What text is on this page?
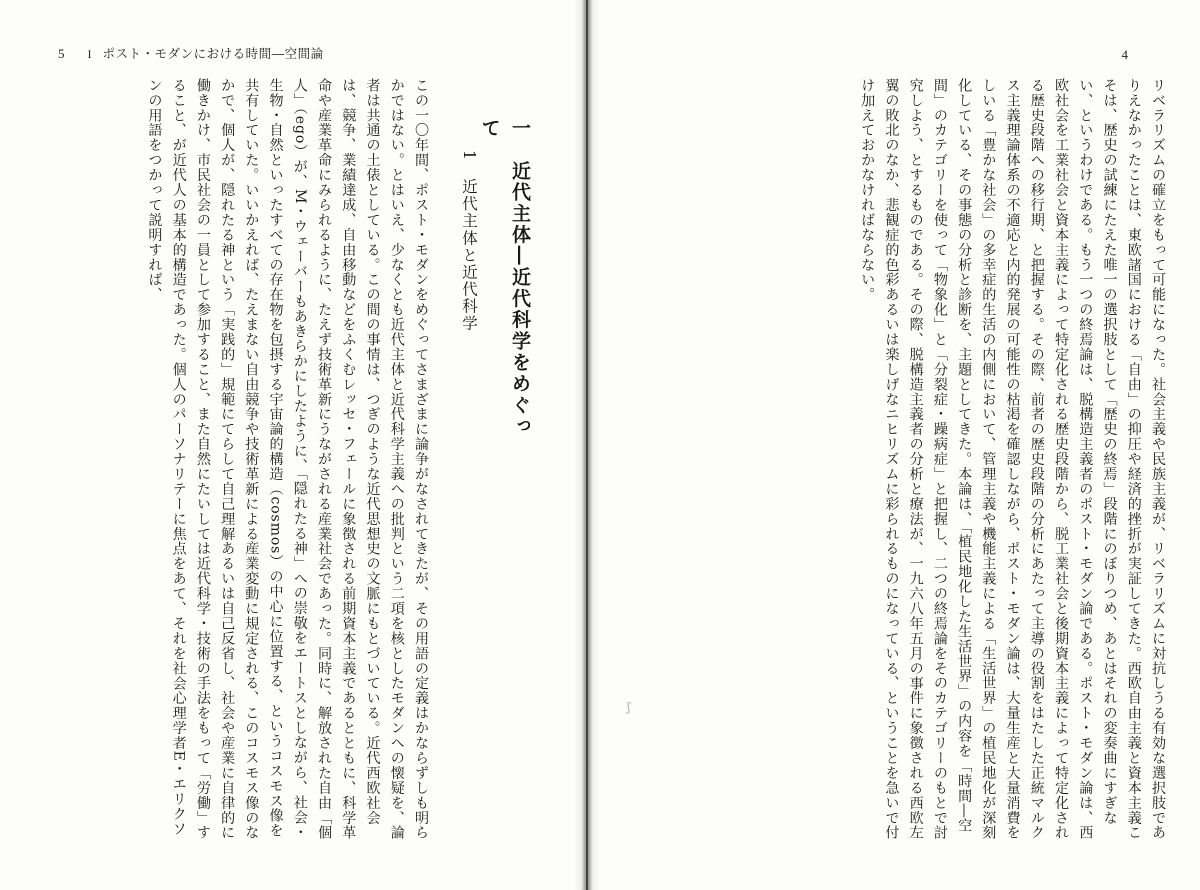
4
リベラリズムの確立をもって可能になった。社会主義や民族主義が、リベラリズムに対抗しうる有効な選択肢でありえなかったことは、東欧諸国における「自由」の抑圧や経済的挫折が実証してきた。西欧自由主義と資本主義こそは、歴史の試練にたえた唯一の選択肢として「歴史の終焉」段階にのぼりつめ、あとはそれの変奏曲にすぎない、というわけである。もう一つの終焉論は、脱構造主義者のポスト・モダン論である。ポスト・モダン論は、西欧社会を工業社会と資本主義によって特定化される歴史段階から、脱工業社会と後期資本主義によって特定化される歴史段階への移行期、と把握する。その際、前者の歴史段階の分析にあたって主導の役割をはたした正統マルクス主義理論体系の不適応と内的発展の可能性の枯渇を確認しながら、ポスト・モダン論は、大量生産と大量消費をしいる「豊かな社会」の多幸症的生活の内側において、管理主義や機能主義による「生活世界」の植民地化が深刻化している、その事態の分析と診断を、主題としてきた。本論は、「植民地化した生活世界」の内容を「時間―空間」のカテゴリーを使って「物象化」と「分裂症・躁病症」と把握し、二つの終焉論をそのカテゴリーのもとで討究しよう、とするものである。その際、脱構造主義者の分析と療法が、一九六八年五月の事件に象徴される西欧左翼の敗北のなか、悲観症的色彩あるいは楽しげなニヒリズムに彩られるものになっている、ということを急いで付け加えておかなければならない。
ʃ
5 I ポスト・モダンにおける時間―空間論
一　近代主体―近代科学をめぐって
1　近代主体と近代科学
この一〇年間、ポスト・モダンをめぐってさまざまに論争がなされてきたが、その用語の定義はかならずしも明らかではない。とはいえ、少なくとも近代主体と近代科学主義への批判という二項を核としたモダンへの懐疑を、論者は共通の土俵としている。この間の事情は、つぎのような近代思想史の文脈にもとづいている。近代西欧社会は、競争、業績達成、自由移動などをふくむレッセ・フェールに象徴される前期資本主義であるとともに、科学革命や産業革命にみられるように、たえず技術革新にうながされる産業社会であった。同時に、解放された自由「個人」（ego）が、M・ウェーバーもあきらかにしたように、「隠れたる神」への崇敬をエートスとしながら、社会・生物・自然といったすべての存在物を包摂する宇宙論的構造（cosmos）の中心に位置する、というコスモス像を共有していた。いいかえれば、たえまない自由競争や技術革新による産業変動に規定される、このコスモス像のなかで、個人が、隠れたる神という「実践的」規範にてらして自己理解あるいは自己反省し、社会や産業に自律的に働きかけ、市民社会の一員として参加すること、また自然にたいしては近代科学・技術の手法をもって「労働」すること、が近代人の基本的構造であった。個人のパーソナリテーに焦点をあて、それを社会心理学者E・エリクソンの用語をつかって説明すれば、
